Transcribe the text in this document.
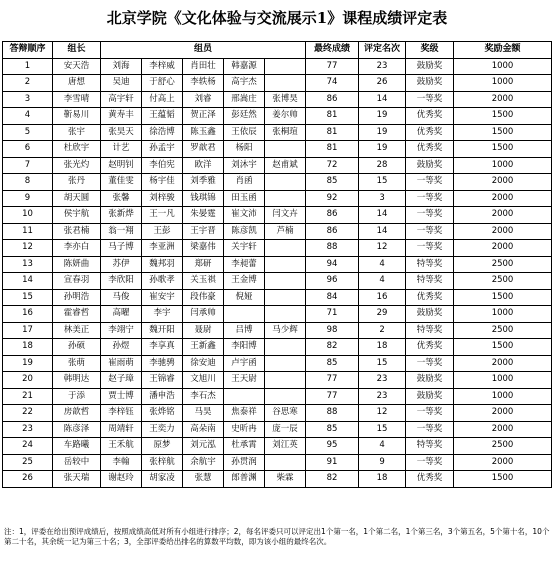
北京学院《文化体验与交流展示1》课程成绩评定表
答辩顺序	组长	组员					最终成绩	评定名次	奖级	奖励金额
1	安天浩	刘海	李梓威	肖田壮	韩嘉源		77	23	鼓励奖	1000
2	唐想	吴迪	于舒心	李轶杨	高宇杰		74	26	鼓励奖	1000
3	李雪晴	高宇轩	付高上	刘睿	邢嵩庄	张博昊	86	14	一等奖	2000
4	靳易川	黄寿丰	王蕴韬	贺正泽	彭廷然	姜尔帅	81	19	优秀奖	1500
5	张宇	张昊天	徐浩博	陈玉鑫	王依辰	张桐瑄	81	19	优秀奖	1500
6	杜欣宇	计艺	孙孟宇	罗歆君	杨阳		81	19	优秀奖	1500
7	张光灼	赵明钊	李伯宪	欧洋	刘沐宇	赵甫斌	72	28	鼓励奖	1000
8	张丹	董佳雯	杨宇佳	刘季雅	肖函		85	15	一等奖	2000
9	胡天圆	张馨	刘梓骏	钱琪锦	田玉函		92	3	一等奖	2000
10	侯宇航	张新烨	王一凡	朱晏霆	崔文沛	闫文卉	86	14	一等奖	2000
11	张君楠	翁一翔	王彭	王宇晋	陈彦凯	芦楠	86	14	一等奖	2000
12	李亦白	马子博	李亚洲	梁嘉伟	关宇轩		88	12	一等奖	2000
13	陈妍曲	苏伊	魏邦羽	郑研	李昶蕾		94	4	特等奖	2500
14	宣春羽	李欣阳	孙歌孝	关玉祺	王金博		96	4	特等奖	2500
15	孙明浩	马俊	崔安宇	段伟豪	倪娅		84	16	优秀奖	1500
16	霍睿哲	高曜	李宇	闫承帅			71	29	鼓励奖	1000
17	林美正	李翊宁	魏开阳	聂尉	吕博	马少辉	98	2	特等奖	2500
18	孙硕	孙煜	李享真	王新鑫	李阳博		82	18	优秀奖	1500
19	张萌	崔雨萌	李驰骋	徐安迪	卢宇函		85	15	一等奖	2000
20	韩明达	赵子璋	王锦睿	文旭川	王天尉		77	23	鼓励奖	1000
21	于添	贾士博	潘申浩	李石杰			77	23	鼓励奖	1000
22	房歆哲	李梓钰	张烨铭	马昊	焦泰祥	谷思寒	88	12	一等奖	2000
23	陈彦泽	周靖轩	王奕力	高朵南	史昕冉	庞一辰	85	15	一等奖	2000
24	车路曦	王禾航	原梦	刘元泓	杜承霄	刘江英	95	4	特等奖	2500
25	岳较中	李翰	张梓航	余航宇	孙贯润		91	9	一等奖	2000
26	张天瑞	谢赵玲	胡家凌	张慧	郎普渊	柴霖	82	18	优秀奖	1500
注：1，评委在给出预评成绩后，按照成绩高低对所有小组进行排序；2，每名评委只可以评定出1个第一名，1个第二名，1个第三名，3个第五名，5个第十名，10个第二十名，其余统一记为第三十名；3，全部评委给出排名的算数平均数，即为该小组的最终名次。
